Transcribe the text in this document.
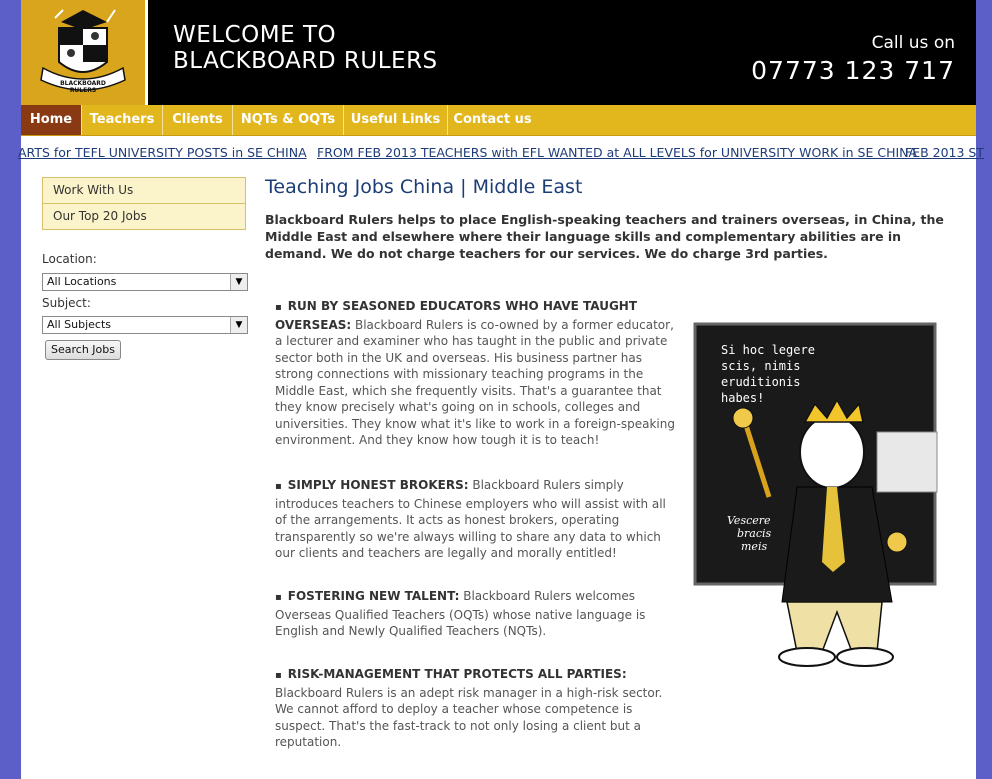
BLACKBOARD RULERS
WELCOME TO
BLACKBOARD RULERS
Call us on
07773 123 717
Home	Teachers	Clients	NQTs & OQTs	Useful Links	Contact us
ARTS for TEFL UNIVERSITY POSTS in SE CHINA FROM FEB 2013 TEACHERS with EFL WANTED at ALL LEVELS for UNIVERSITY WORK in SE CHINA
FEB 2013 ST
Work With Us
Our Top 20 Jobs
Location:
All Locations	▼
Subject:
All Subjects	▼
Search Jobs
Teaching Jobs China | Middle East
Blackboard Rulers helps to place English-speaking teachers and trainers overseas, in China, the Middle East and elsewhere where their language skills and complementary abilities are in demand. We do not charge teachers for our services. We do charge 3rd parties.
▪ RUN BY SEASONED EDUCATORS WHO HAVE TAUGHT OVERSEAS: Blackboard Rulers is co-owned by a former educator, a lecturer and examiner who has taught in the public and private sector both in the UK and overseas. His business partner has strong connections with missionary teaching programs in the Middle East, which she frequently visits. That's a guarantee that they know precisely what's going on in schools, colleges and universities. They know what it's like to work in a foreign-speaking environment. And they know how tough it is to teach!
▪ SIMPLY HONEST BROKERS: Blackboard Rulers simply introduces teachers to Chinese employers who will assist with all of the arrangements. It acts as honest brokers, operating transparently so we're always willing to share any data to which our clients and teachers are legally and morally entitled!
▪ FOSTERING NEW TALENT: Blackboard Rulers welcomes Overseas Qualified Teachers (OQTs) whose native language is English and Newly Qualified Teachers (NQTs).
▪ RISK-MANAGEMENT THAT PROTECTS ALL PARTIES: Blackboard Rulers is an adept risk manager in a high-risk sector. We cannot afford to deploy a teacher whose competence is suspect. That's the fast-track to not only losing a client but a reputation.
Si hoc legere
scis, nimis
eruditionis
habes!
Vescere
bracis
meis
